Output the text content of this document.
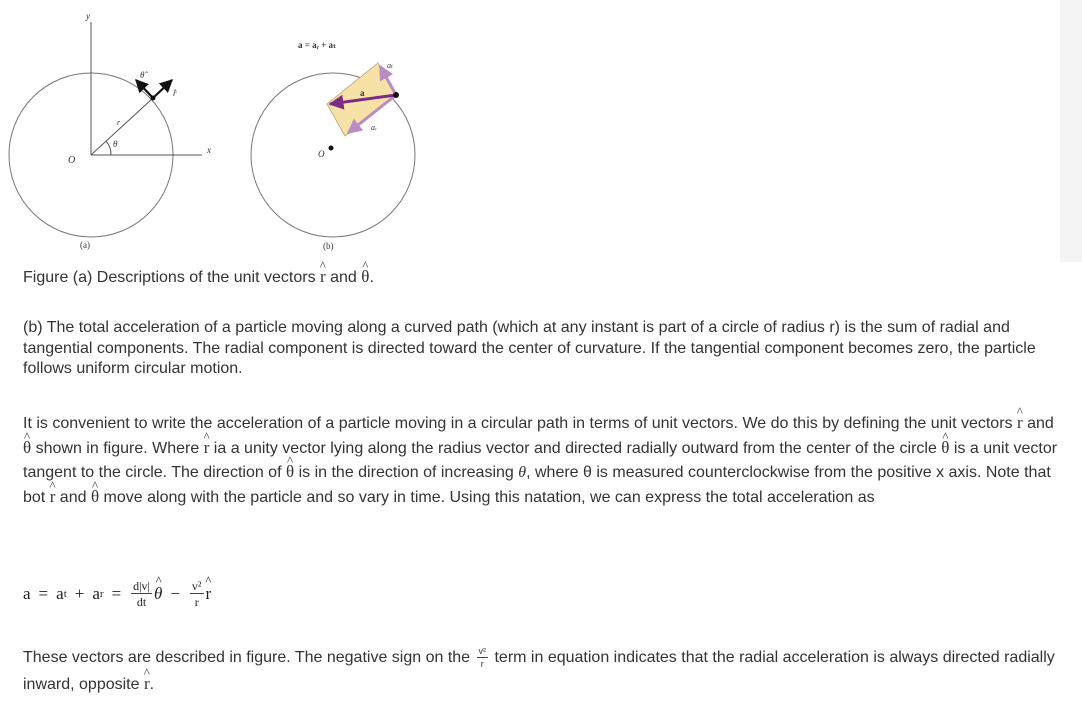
y
x
O
r
θ
θ̂
r̂
(a)
a = aᵣ + aₜ
O
a
aₜ
aᵣ
(b)

Figure (a) Descriptions of the unit vectors ^ r and ^ θ.

(b) The total acceleration of a particle moving along a curved path (which at any instant is part of a circle of radius r) is the sum of radial and tangential components. The radial component is directed toward the center of curvature. If the tangential component becomes zero, the particle follows uniform circular motion.

It is convenient to write the acceleration of a particle moving in a circular path in terms of unit vectors. We do this by defining the unit vectors ^ r and ^ θ shown in figure. Where ^ r ia a unity vector lying along the radius vector and directed radially outward from the center of the circle ^ θ is a unit vector tangent to the circle. The direction of ^ θ is in the direction of increasing θ, where θ is measured counterclockwise from the positive x axis. Note that bot ^ r and ^ θ move along with the particle and so vary in time. Using this natation, we can express the total acceleration as

a = a t + a $r = \frac{d|v|}{dt}$ ^ $\theta - \frac{\text{v²}}{r}$ ^ r

These vectors are described in figure. The negative sign on the $\frac{\text{v²}}{r}$ term in equation indicates that the radial acceleration is always directed radially inward, opposite ^ r.
